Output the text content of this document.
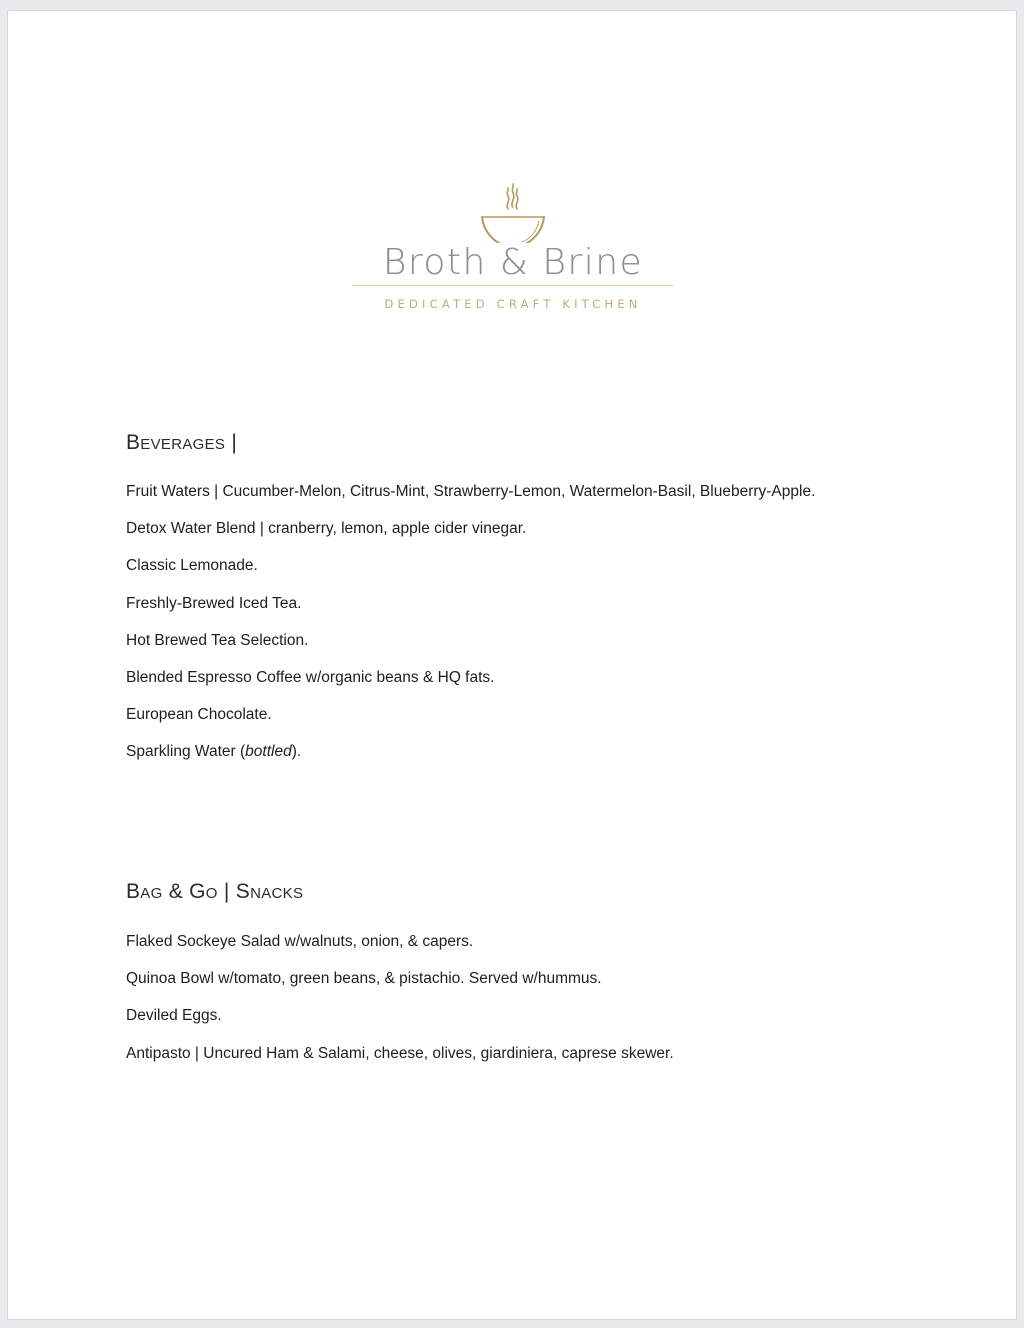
Broth & Brine
DEDICATED CRAFT KITCHEN
Beverages |
Fruit Waters | Cucumber-Melon, Citrus-Mint, Strawberry-Lemon, Watermelon-Basil, Blueberry-Apple.
Detox Water Blend | cranberry, lemon, apple cider vinegar.
Classic Lemonade.
Freshly-Brewed Iced Tea.
Hot Brewed Tea Selection.
Blended Espresso Coffee w/organic beans & HQ fats.
European Chocolate.
Sparkling Water (bottled).
Bag & Go | Snacks
Flaked Sockeye Salad w/walnuts, onion, & capers.
Quinoa Bowl w/tomato, green beans, & pistachio. Served w/hummus.
Deviled Eggs.
Antipasto | Uncured Ham & Salami, cheese, olives, giardiniera, caprese skewer.
